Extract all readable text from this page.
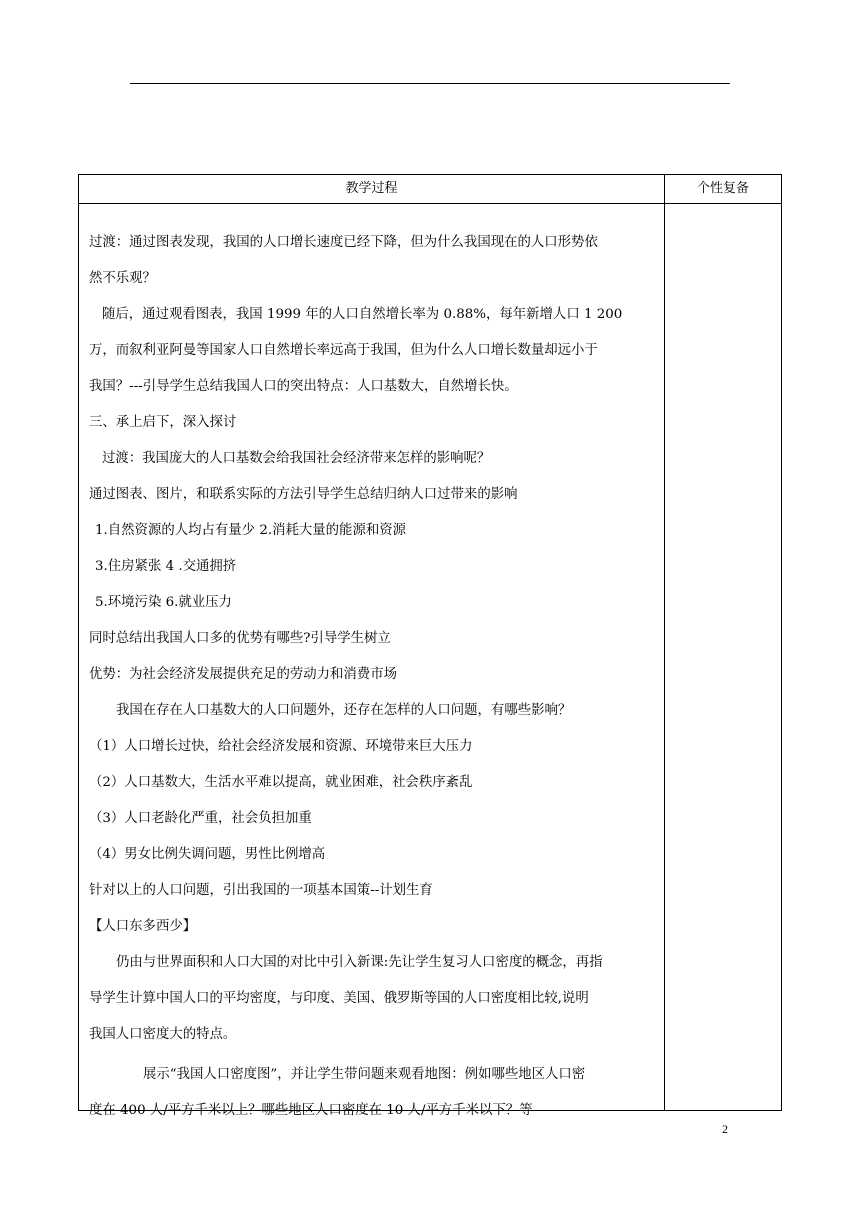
教学过程	个性复备
过渡：通过图表发现，我国的人口增长速度已经下降，但为什么我国现在的人口形势依
然不乐观？
随后，通过观看图表，我国 1999 年的人口自然增长率为 0.88%，每年新增人口 1 200
万，而叙利亚阿曼等国家人口自然增长率远高于我国，但为什么人口增长数量却远小于
我国？---引导学生总结我国人口的突出特点：人口基数大，自然增长快。
三、承上启下，深入探讨
过渡：我国庞大的人口基数会给我国社会经济带来怎样的影响呢？
通过图表、图片，和联系实际的方法引导学生总结归纳人口过带来的影响
1.自然资源的人均占有量少 2.消耗大量的能源和资源
3.住房紧张 4 .交通拥挤
5.环境污染 6.就业压力
同时总结出我国人口多的优势有哪些?引导学生树立
优势：为社会经济发展提供充足的劳动力和消费市场
我国在存在人口基数大的人口问题外，还存在怎样的人口问题，有哪些影响？
（1）人口增长过快，给社会经济发展和资源、环境带来巨大压力
（2）人口基数大，生活水平难以提高，就业困难，社会秩序紊乱
（3）人口老龄化严重，社会负担加重
（4）男女比例失调问题，男性比例增高
针对以上的人口问题，引出我国的一项基本国策--计划生育
【人口东多西少】
仍由与世界面积和人口大国的对比中引入新课:先让学生复习人口密度的概念，再指
导学生计算中国人口的平均密度，与印度、美国、俄罗斯等国的人口密度相比较,说明
我国人口密度大的特点。
展示“我国人口密度图”，并让学生带问题来观看地图：例如哪些地区人口密
度在 400 人/平方千米以上？哪些地区人口密度在 10 人/平方千米以下？等
2
